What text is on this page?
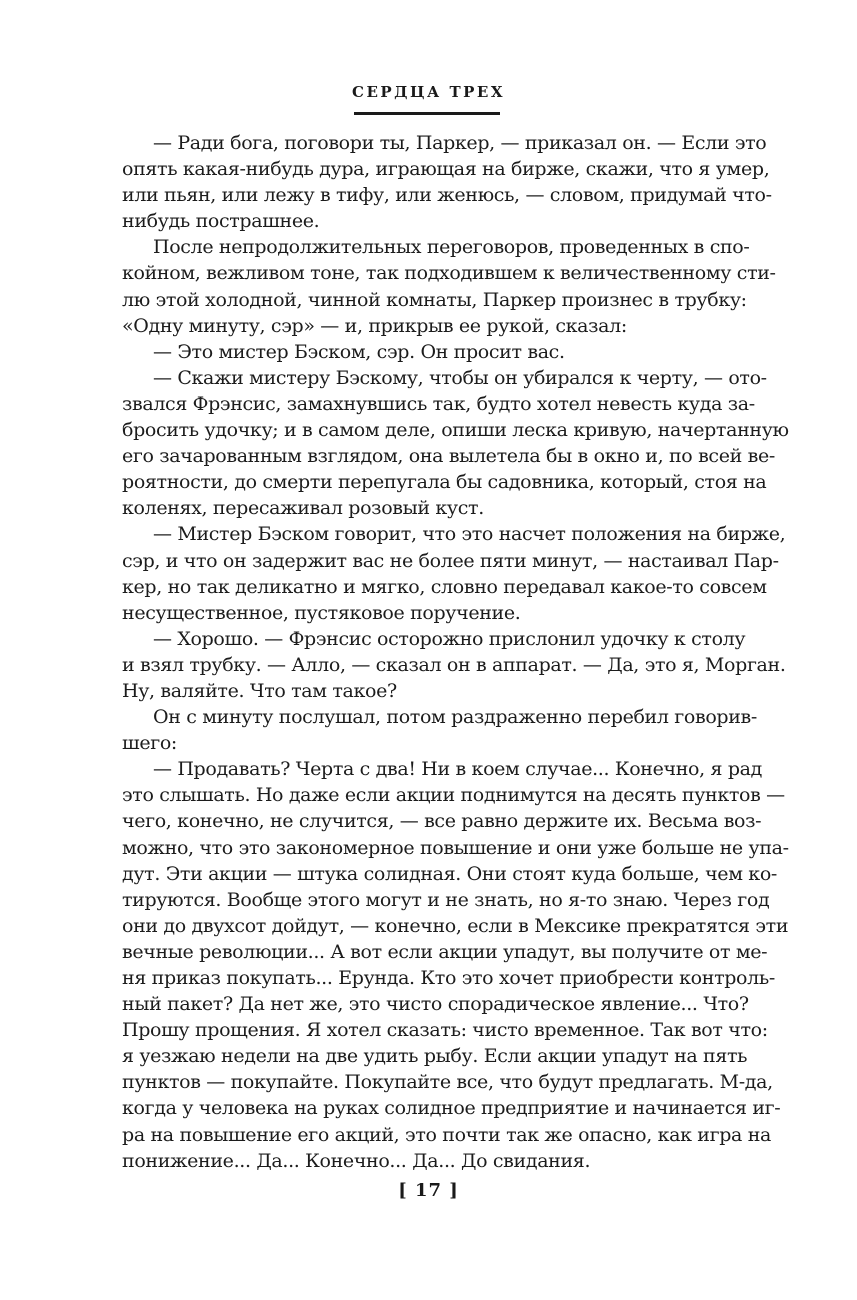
СЕРДЦА ТРЕХ
— Ради бога, поговори ты, Паркер, — приказал он. — Если это
опять какая-нибудь дура, играющая на бирже, скажи, что я умер,
или пьян, или лежу в тифу, или женюсь, — словом, придумай что-
нибудь пострашнее.
После непродолжительных переговоров, проведенных в спо-
койном, вежливом тоне, так подходившем к величественному сти-
лю этой холодной, чинной комнаты, Паркер произнес в трубку:
«Одну минуту, сэр» — и, прикрыв ее рукой, сказал:
— Это мистер Бэском, сэр. Он просит вас.
— Скажи мистеру Бэскому, чтобы он убирался к черту, — ото-
звался Фрэнсис, замахнувшись так, будто хотел невесть куда за-
бросить удочку; и в самом деле, опиши леска кривую, начертанную
его зачарованным взглядом, она вылетела бы в окно и, по всей ве-
роятности, до смерти перепугала бы садовника, который, стоя на
коленях, пересаживал розовый куст.
— Мистер Бэском говорит, что это насчет положения на бирже,
сэр, и что он задержит вас не более пяти минут, — настаивал Пар-
кер, но так деликатно и мягко, словно передавал какое-то совсем
несущественное, пустяковое поручение.
— Хорошо. — Фрэнсис осторожно прислонил удочку к столу
и взял трубку. — Алло, — сказал он в аппарат. — Да, это я, Морган.
Ну, валяйте. Что там такое?
Он с минуту послушал, потом раздраженно перебил говорив-
шего:
— Продавать? Черта с два! Ни в коем случае... Конечно, я рад
это слышать. Но даже если акции поднимутся на десять пунктов —
чего, конечно, не случится, — все равно держите их. Весьма воз-
можно, что это закономерное повышение и они уже больше не упа-
дут. Эти акции — штука солидная. Они стоят куда больше, чем ко-
тируются. Вообще этого могут и не знать, но я-то знаю. Через год
они до двухсот дойдут, — конечно, если в Мексике прекратятся эти
вечные революции... А вот если акции упадут, вы получите от ме-
ня приказ покупать... Ерунда. Кто это хочет приобрести контроль-
ный пакет? Да нет же, это чисто спорадическое явление... Что?
Прошу прощения. Я хотел сказать: чисто временное. Так вот что:
я уезжаю недели на две удить рыбу. Если акции упадут на пять
пунктов — покупайте. Покупайте все, что будут предлагать. М-да,
когда у человека на руках солидное предприятие и начинается иг-
ра на повышение его акций, это почти так же опасно, как игра на
понижение... Да... Конечно... Да... До свидания.
[ 17 ]
